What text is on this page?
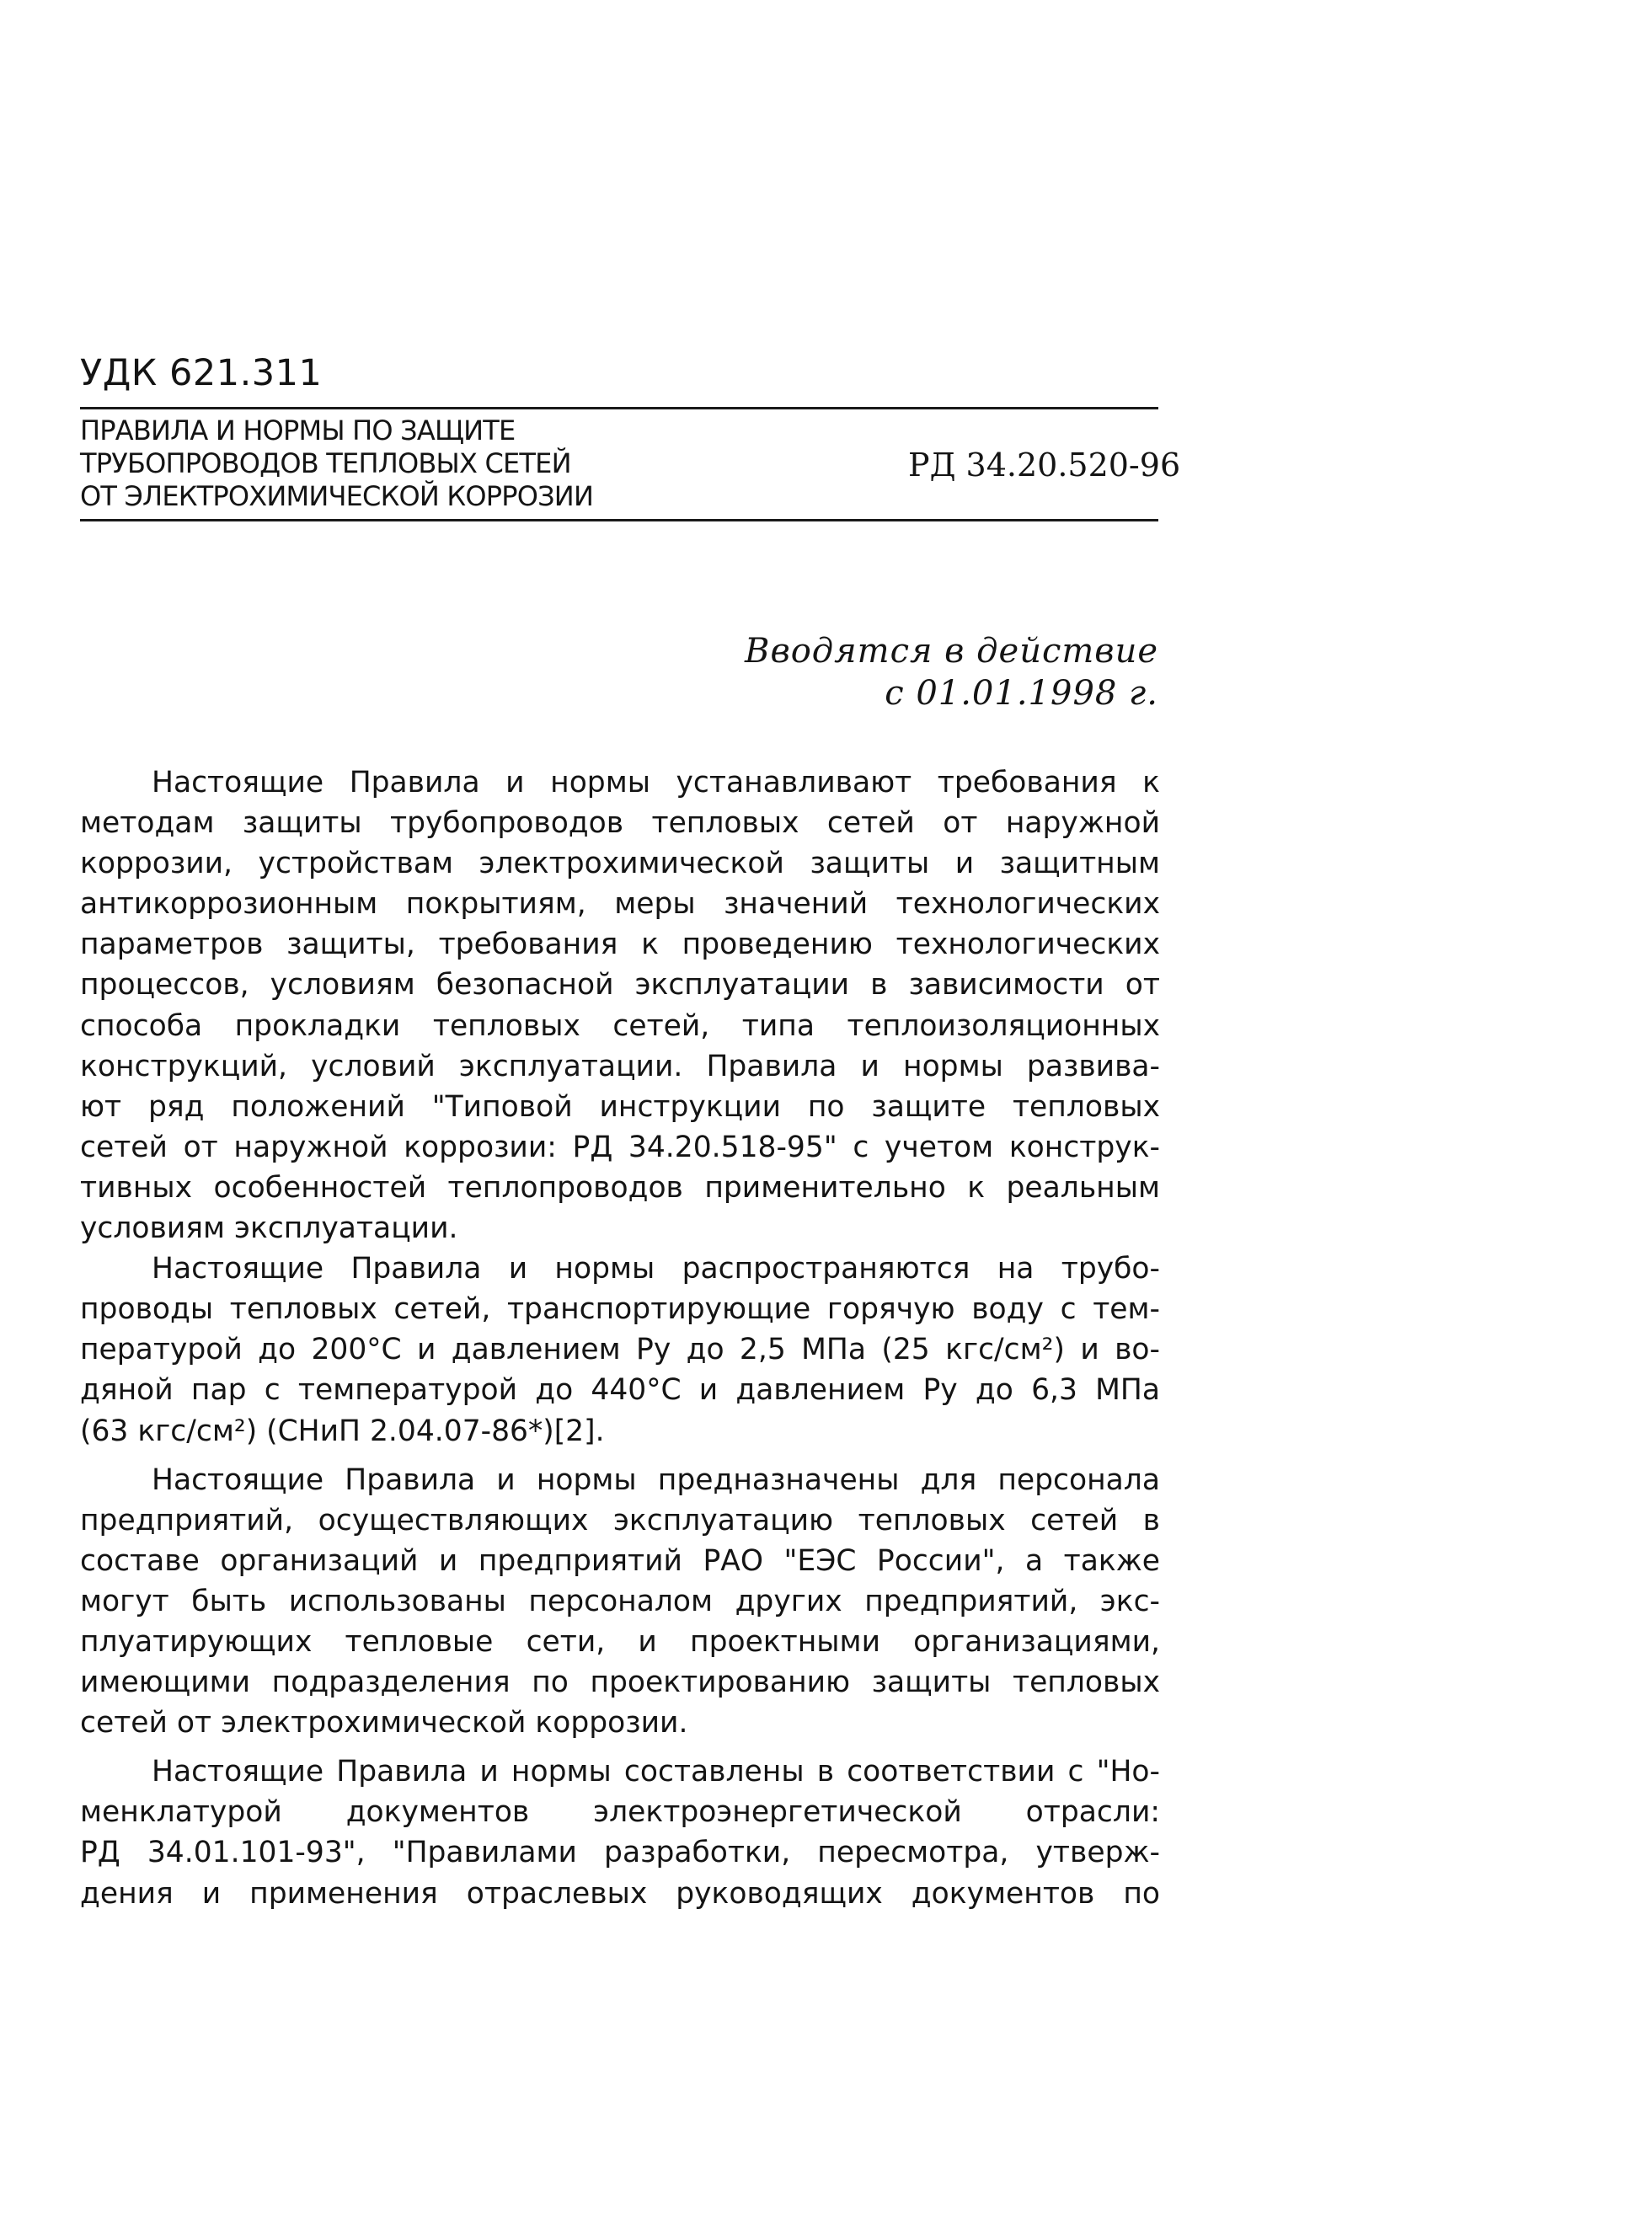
УДК 621.311
ПРАВИЛА И НОРМЫ ПО ЗАЩИТЕ
ТРУБОПРОВОДОВ ТЕПЛОВЫХ СЕТЕЙ
ОТ ЭЛЕКТРОХИМИЧЕСКОЙ КОРРОЗИИ
РД 34.20.520-96
Вводятся в действие
с 01.01.1998 г.
Настоящие Правила и нормы устанавливают требования к
методам защиты трубопроводов тепловых сетей от наружной
коррозии, устройствам электрохимической защиты и защитным
антикоррозионным покрытиям, меры значений технологических
параметров защиты, требования к проведению технологических
процессов, условиям безопасной эксплуатации в зависимости от
способа прокладки тепловых сетей, типа теплоизоляционных
конструкций, условий эксплуатации. Правила и нормы развива-
ют ряд положений "Типовой инструкции по защите тепловых
сетей от наружной коррозии: РД 34.20.518-95" с учетом конструк-
тивных особенностей теплопроводов применительно к реальным
условиям эксплуатации.
Настоящие Правила и нормы распространяются на трубо-
проводы тепловых сетей, транспортирующие горячую воду с тем-
пературой до 200°С и давлением Pу до 2,5 МПа (25 кгс/см²) и во-
дяной пар с температурой до 440°С и давлением Pу до 6,3 МПа
(63 кгс/см²) (СНиП 2.04.07-86*)[2].
Настоящие Правила и нормы предназначены для персонала
предприятий, осуществляющих эксплуатацию тепловых сетей в
составе организаций и предприятий РАО "ЕЭС России", а также
могут быть использованы персоналом других предприятий, экс-
плуатирующих тепловые сети, и проектными организациями,
имеющими подразделения по проектированию защиты тепловых
сетей от электрохимической коррозии.
Настоящие Правила и нормы составлены в соответствии с "Но-
менклатурой документов электроэнергетической отрасли:
РД 34.01.101-93", "Правилами разработки, пересмотра, утверж-
дения и применения отраслевых руководящих документов по
